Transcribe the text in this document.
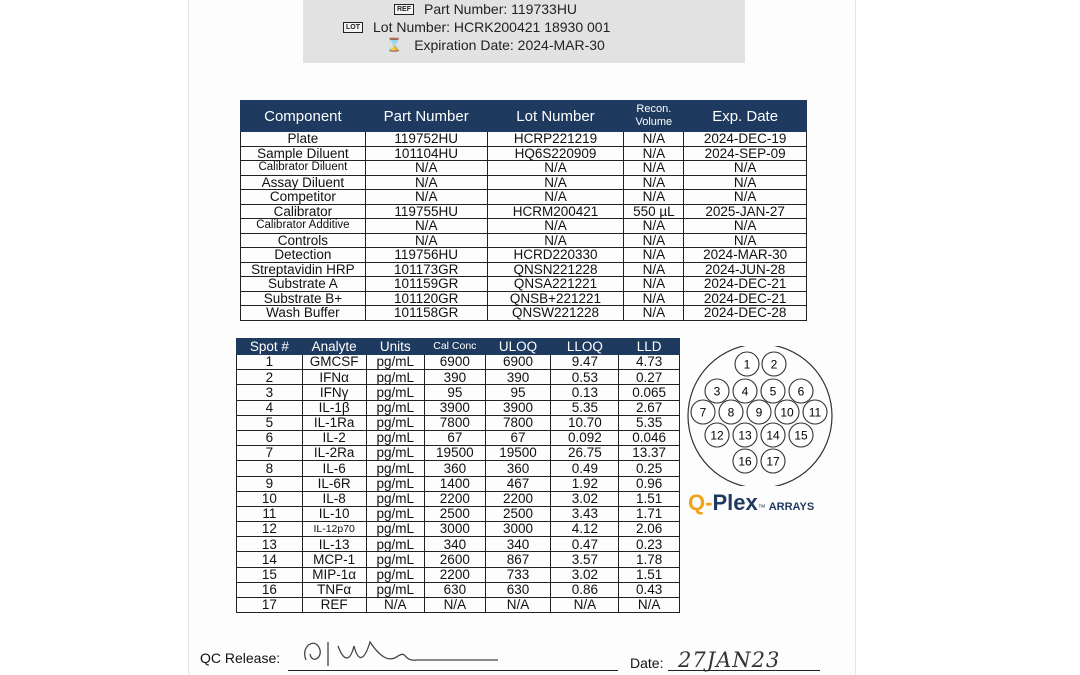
REF Part Number: 119733HU
LOT Lot Number: HCRK200421 18930 001
⌛ Expiration Date: 2024-MAR-30
Component	Part Number	Lot Number	Recon. Volume	Exp. Date
Plate	119752HU	HCRP221219	N/A	2024-DEC-19
Sample Diluent	101104HU	HQ6S220909	N/A	2024-SEP-09
Calibrator Diluent	N/A	N/A	N/A	N/A
Assay Diluent	N/A	N/A	N/A	N/A
Competitor	N/A	N/A	N/A	N/A
Calibrator	119755HU	HCRM200421	550 µL	2025-JAN-27
Calibrator Additive	N/A	N/A	N/A	N/A
Controls	N/A	N/A	N/A	N/A
Detection	119756HU	HCRD220330	N/A	2024-MAR-30
Streptavidin HRP	101173GR	QNSN221228	N/A	2024-JUN-28
Substrate A	101159GR	QNSA221221	N/A	2024-DEC-21
Substrate B+	101120GR	QNSB+221221	N/A	2024-DEC-21
Wash Buffer	101158GR	QNSW221228	N/A	2024-DEC-28
Spot #	Analyte	Units	Cal Conc	ULOQ	LLOQ	LLD
1	GMCSF	pg/mL	6900	6900	9.47	4.73
2	IFNα	pg/mL	390	390	0.53	0.27
3	IFNγ	pg/mL	95	95	0.13	0.065
4	IL-1β	pg/mL	3900	3900	5.35	2.67
5	IL-1Ra	pg/mL	7800	7800	10.70	5.35
6	IL-2	pg/mL	67	67	0.092	0.046
7	IL-2Ra	pg/mL	19500	19500	26.75	13.37
8	IL-6	pg/mL	360	360	0.49	0.25
9	IL-6R	pg/mL	1400	467	1.92	0.96
10	IL-8	pg/mL	2200	2200	3.02	1.51
11	IL-10	pg/mL	2500	2500	3.43	1.71
12	IL-12p70	pg/mL	3000	3000	4.12	2.06
13	IL-13	pg/mL	340	340	0.47	0.23
14	MCP-1	pg/mL	2600	867	3.57	1.78
15	MIP-1α	pg/mL	2200	733	3.02	1.51
16	TNFα	pg/mL	630	630	0.86	0.43
17	REF	N/A	N/A	N/A	N/A	N/A
1 2
3 4 5 6
7 8 9 10 11
12 13 14 15
16 17
Q- Plex ™ ARRAYS
QC Release:	Date: 27JAN23
